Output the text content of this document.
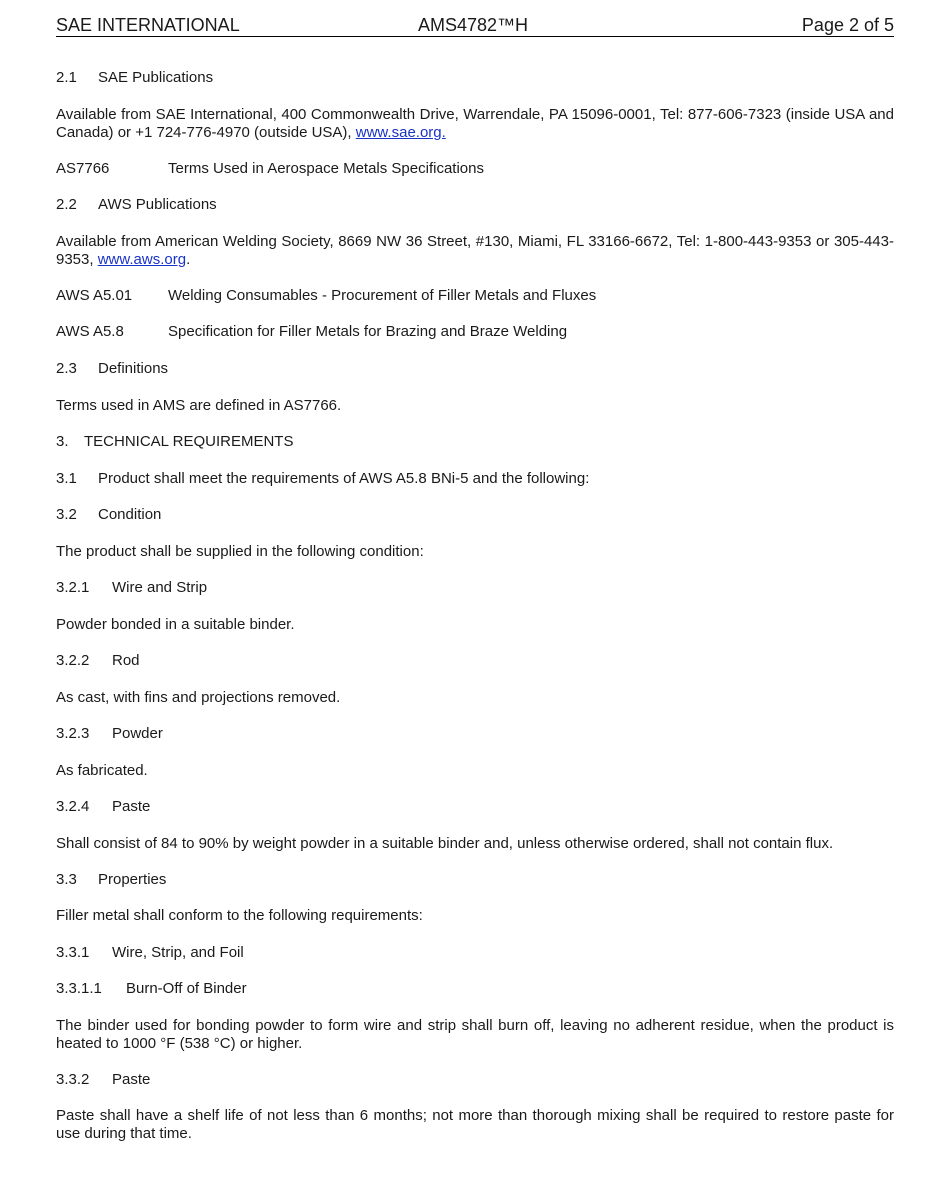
SAE INTERNATIONAL	AMS4782™H	Page 2 of 5
2.1 SAE Publications
Available from SAE International, 400 Commonwealth Drive, Warrendale, PA 15096-0001, Tel: 877-606-7323 (inside USA and Canada) or +1 724-776-4970 (outside USA), www.sae.org.
AS7766	Terms Used in Aerospace Metals Specifications
2.2 AWS Publications
Available from American Welding Society, 8669 NW 36 Street, #130, Miami, FL 33166-6672, Tel: 1-800-443-9353 or 305-443-9353, www.aws.org.
AWS A5.01 Welding Consumables - Procurement of Filler Metals and Fluxes
AWS A5.8	Specification for Filler Metals for Brazing and Braze Welding
2.3 Definitions
Terms used in AMS are defined in AS7766.
3. TECHNICAL REQUIREMENTS
3.1 Product shall meet the requirements of AWS A5.8 BNi-5 and the following:
3.2 Condition
The product shall be supplied in the following condition:
3.2.1 Wire and Strip
Powder bonded in a suitable binder.
3.2.2 Rod
As cast, with fins and projections removed.
3.2.3 Powder
As fabricated.
3.2.4 Paste
Shall consist of 84 to 90% by weight powder in a suitable binder and, unless otherwise ordered, shall not contain flux.
3.3 Properties
Filler metal shall conform to the following requirements:
3.3.1 Wire, Strip, and Foil
3.3.1.1 Burn-Off of Binder
The binder used for bonding powder to form wire and strip shall burn off, leaving no adherent residue, when the product is heated to 1000 °F (538 °C) or higher.
3.3.2 Paste
Paste shall have a shelf life of not less than 6 months; not more than thorough mixing shall be required to restore paste for use during that time.
